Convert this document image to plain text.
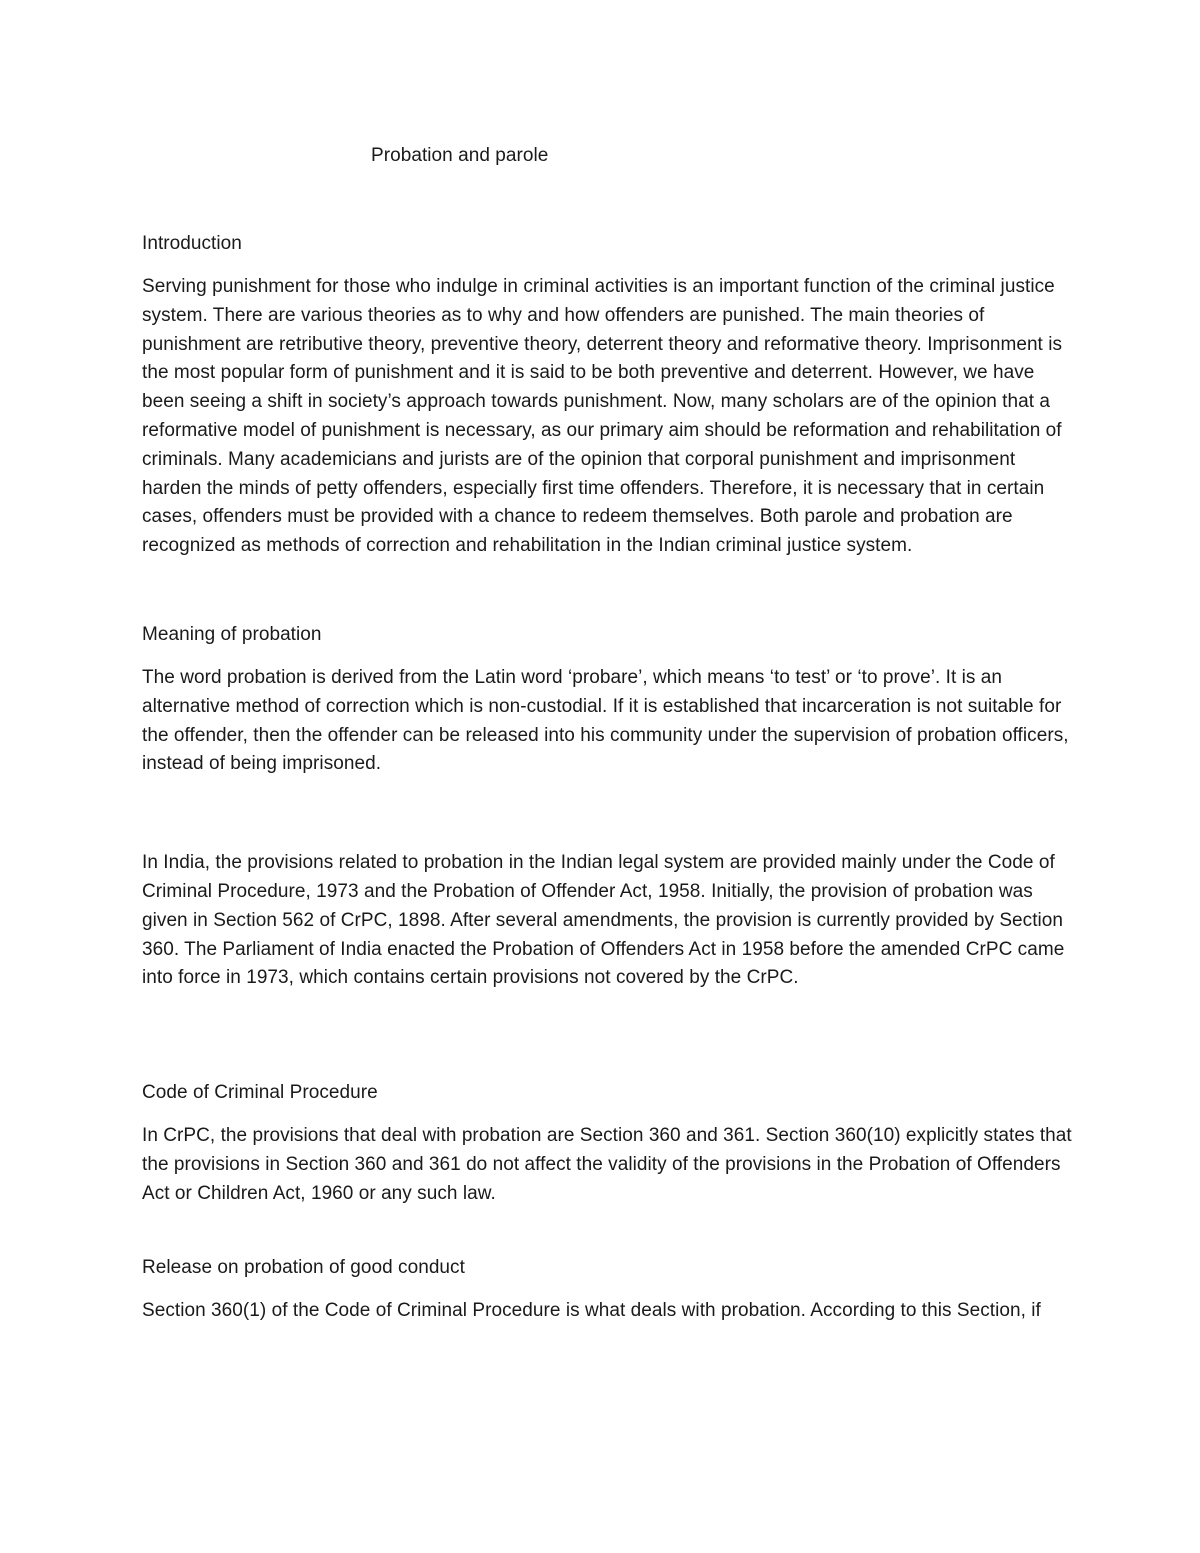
Probation and parole
Introduction
Serving punishment for those who indulge in criminal activities is an important function of the criminal justice system. There are various theories as to why and how offenders are punished. The main theories of punishment are retributive theory, preventive theory, deterrent theory and reformative theory. Imprisonment is the most popular form of punishment and it is said to be both preventive and deterrent. However, we have been seeing a shift in society’s approach towards punishment. Now, many scholars are of the opinion that a reformative model of punishment is necessary, as our primary aim should be reformation and rehabilitation of criminals. Many academicians and jurists are of the opinion that corporal punishment and imprisonment harden the minds of petty offenders, especially first time offenders. Therefore, it is necessary that in certain cases, offenders must be provided with a chance to redeem themselves. Both parole and probation are recognized as methods of correction and rehabilitation in the Indian criminal justice system.
Meaning of probation
The word probation is derived from the Latin word ‘probare’, which means ‘to test’ or ‘to prove’. It is an alternative method of correction which is non-custodial. If it is established that incarceration is not suitable for the offender, then the offender can be released into his community under the supervision of probation officers, instead of being imprisoned.
In India, the provisions related to probation in the Indian legal system are provided mainly under the Code of Criminal Procedure, 1973 and the Probation of Offender Act, 1958. Initially, the provision of probation was given in Section 562 of CrPC, 1898. After several amendments, the provision is currently provided by Section 360. The Parliament of India enacted the Probation of Offenders Act in 1958 before the amended CrPC came into force in 1973, which contains certain provisions not covered by the CrPC.
Code of Criminal Procedure
In CrPC, the provisions that deal with probation are Section 360 and 361. Section 360(10) explicitly states that the provisions in Section 360 and 361 do not affect the validity of the provisions in the Probation of Offenders Act or Children Act, 1960 or any such law.
Release on probation of good conduct
Section 360(1) of the Code of Criminal Procedure is what deals with probation. According to this Section, if
